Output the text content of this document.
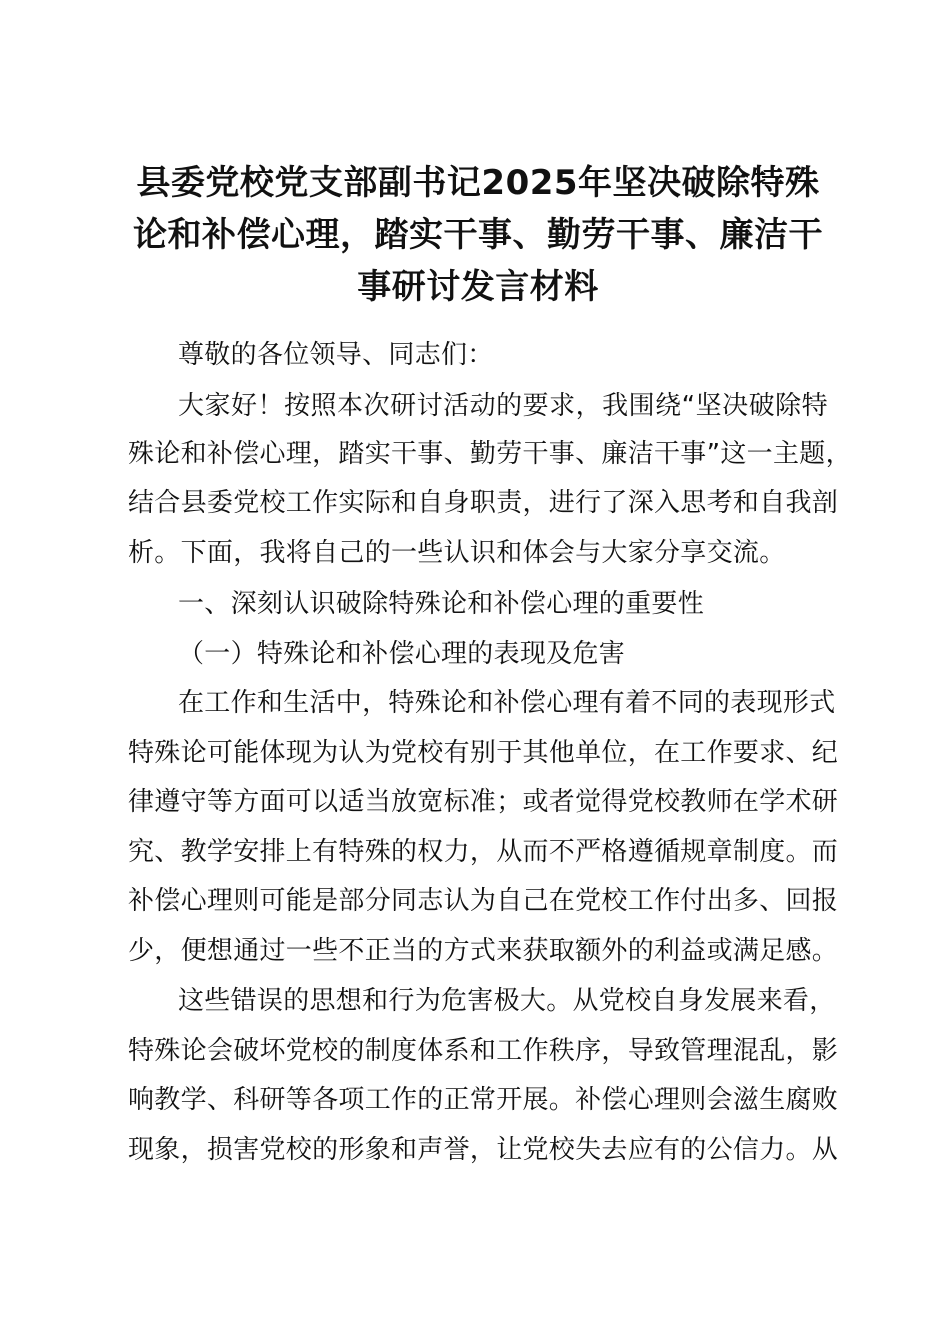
县委党校党支部副书记2025年坚决破除特殊
论和补偿心理，踏实干事、勤劳干事、廉洁干
事研讨发言材料
尊敬的各位领导、同志们：
大家好！按照本次研讨活动的要求，我围绕“坚决破除特
殊论和补偿心理，踏实干事、勤劳干事、廉洁干事”这一主题，
结合县委党校工作实际和自身职责，进行了深入思考和自我剖
析。下面，我将自己的一些认识和体会与大家分享交流。
一、深刻认识破除特殊论和补偿心理的重要性
（一）特殊论和补偿心理的表现及危害
在工作和生活中，特殊论和补偿心理有着不同的表现形式
特殊论可能体现为认为党校有别于其他单位，在工作要求、纪
律遵守等方面可以适当放宽标准；或者觉得党校教师在学术研
究、教学安排上有特殊的权力，从而不严格遵循规章制度。而
补偿心理则可能是部分同志认为自己在党校工作付出多、回报
少，便想通过一些不正当的方式来获取额外的利益或满足感。
这些错误的思想和行为危害极大。从党校自身发展来看，
特殊论会破坏党校的制度体系和工作秩序，导致管理混乱，影
响教学、科研等各项工作的正常开展。补偿心理则会滋生腐败
现象，损害党校的形象和声誉，让党校失去应有的公信力。从
